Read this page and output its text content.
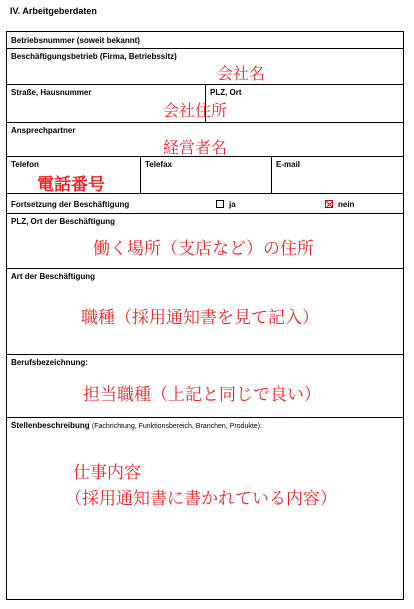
IV. Arbeitgeberdaten
Betriebsnummer (soweit bekannt)
Beschäftigungsbetrieb (Firma, Betriebssitz)
会社名
Straße, Hausnummer
会社住所
PLZ, Ort
Ansprechpartner
経営者名
Telefon
電話番号
Telefax	E-mail
Fortsetzung der Beschäftigung	ja	nein
PLZ, Ort der Beschäftigung
働く場所（支店など）の住所
Art der Beschäftigung
職種（採用通知書を見て記入）
Berufsbezeichnung:
担当職種（上記と同じで良い）
Stellenbeschreibung (Fachrichtung, Funktionsbereich, Branchen, Produkte):
仕事内容
（採用通知書に書かれている内容）
